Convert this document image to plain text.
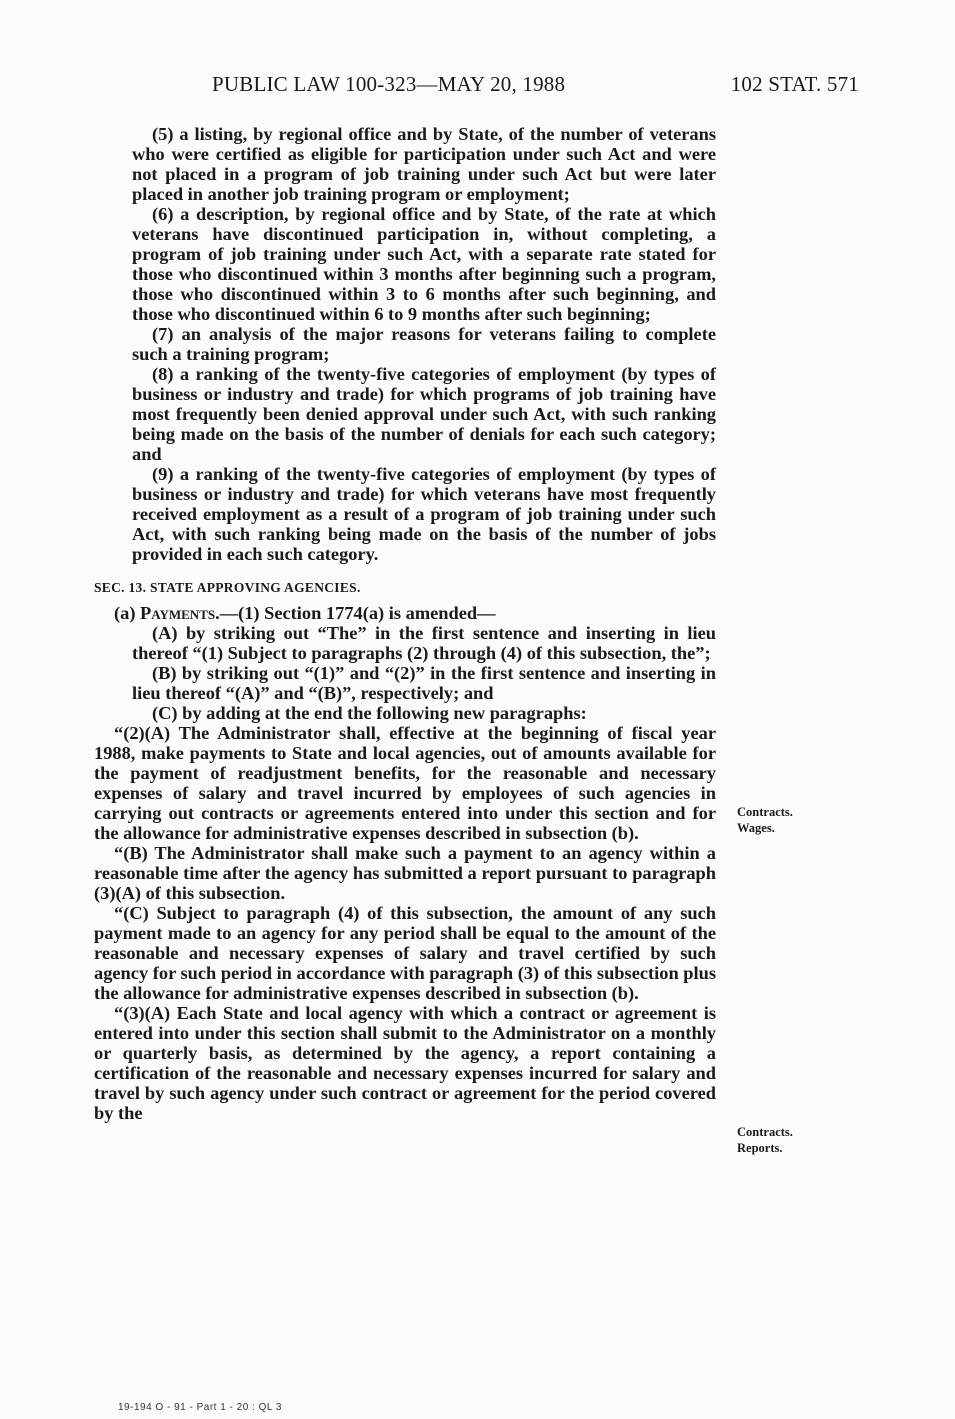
PUBLIC LAW 100-323—MAY 20, 1988	102 STAT. 571

(5) a listing, by regional office and by State, of the number of veterans who were certified as eligible for participation under such Act and were not placed in a program of job training under such Act but were later placed in another job training program or employment;

(6) a description, by regional office and by State, of the rate at which veterans have discontinued participation in, without completing, a program of job training under such Act, with a separate rate stated for those who discontinued within 3 months after beginning such a program, those who discontinued within 3 to 6 months after such beginning, and those who discontinued within 6 to 9 months after such beginning;

(7) an analysis of the major reasons for veterans failing to complete such a training program;

(8) a ranking of the twenty-five categories of employment (by types of business or industry and trade) for which programs of job training have most frequently been denied approval under such Act, with such ranking being made on the basis of the number of denials for each such category; and

(9) a ranking of the twenty-five categories of employment (by types of business or industry and trade) for which veterans have most frequently received employment as a result of a program of job training under such Act, with such ranking being made on the basis of the number of jobs provided in each such category.

SEC. 13. STATE APPROVING AGENCIES.

(a) Payments.—(1) Section 1774(a) is amended—

(A) by striking out “The” in the first sentence and inserting in lieu thereof “(1) Subject to paragraphs (2) through (4) of this subsection, the”;

(B) by striking out “(1)” and “(2)” in the first sentence and inserting in lieu thereof “(A)” and “(B)”, respectively; and

(C) by adding at the end the following new paragraphs:

“(2)(A) The Administrator shall, effective at the beginning of fiscal year 1988, make payments to State and local agencies, out of amounts available for the payment of readjustment benefits, for the reasonable and necessary expenses of salary and travel incurred by employees of such agencies in carrying out contracts or agreements entered into under this section and for the allowance for administrative expenses described in subsection (b).

“(B) The Administrator shall make such a payment to an agency within a reasonable time after the agency has submitted a report pursuant to paragraph (3)(A) of this subsection.

“(C) Subject to paragraph (4) of this subsection, the amount of any such payment made to an agency for any period shall be equal to the amount of the reasonable and necessary expenses of salary and travel certified by such agency for such period in accordance with paragraph (3) of this subsection plus the allowance for administrative expenses described in subsection (b).

“(3)(A) Each State and local agency with which a contract or agreement is entered into under this section shall submit to the Administrator on a monthly or quarterly basis, as determined by the agency, a report containing a certification of the reasonable and necessary expenses incurred for salary and travel by such agency under such contract or agreement for the period covered by the

Contracts.
Wages.
Contracts.
Reports.
19-194 O - 91 - Part 1 - 20 : QL 3
